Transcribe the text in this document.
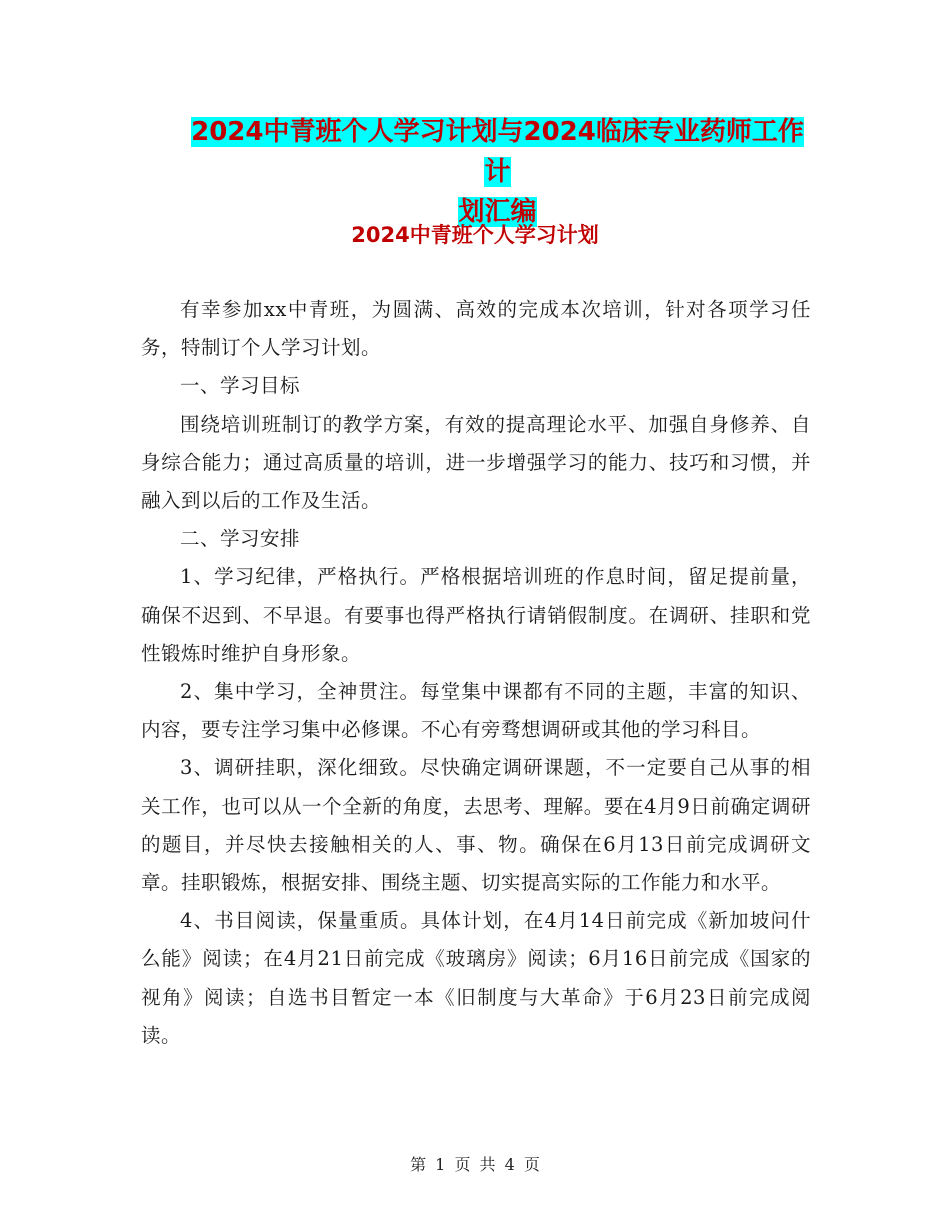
2024中青班个人学习计划与2024临床专业药师工作计
划汇编
2024中青班个人学习计划

有幸参加xx中青班，为圆满、高效的完成本次培训，针对各项学习任务，特制订个人学习计划。

一、学习目标

围绕培训班制订的教学方案，有效的提高理论水平、加强自身修养、自身综合能力；通过高质量的培训，进一步增强学习的能力、技巧和习惯，并融入到以后的工作及生活。

二、学习安排

1、学习纪律，严格执行。严格根据培训班的作息时间，留足提前量，确保不迟到、不早退。有要事也得严格执行请销假制度。在调研、挂职和党性锻炼时维护自身形象。

2、集中学习，全神贯注。每堂集中课都有不同的主题，丰富的知识、内容，要专注学习集中必修课。不心有旁骛想调研或其他的学习科目。

3、调研挂职，深化细致。尽快确定调研课题，不一定要自己从事的相关工作，也可以从一个全新的角度，去思考、理解。要在4月9日前确定调研的题目，并尽快去接触相关的人、事、物。确保在6月13日前完成调研文章。挂职锻炼，根据安排、围绕主题、切实提高实际的工作能力和水平。

4、书目阅读，保量重质。具体计划，在4月14日前完成《新加坡问什么能》阅读；在4月21日前完成《玻璃房》阅读；6月16日前完成《国家的视角》阅读；自选书目暂定一本《旧制度与大革命》于6月23日前完成阅读。

第 1 页 共 4 页
